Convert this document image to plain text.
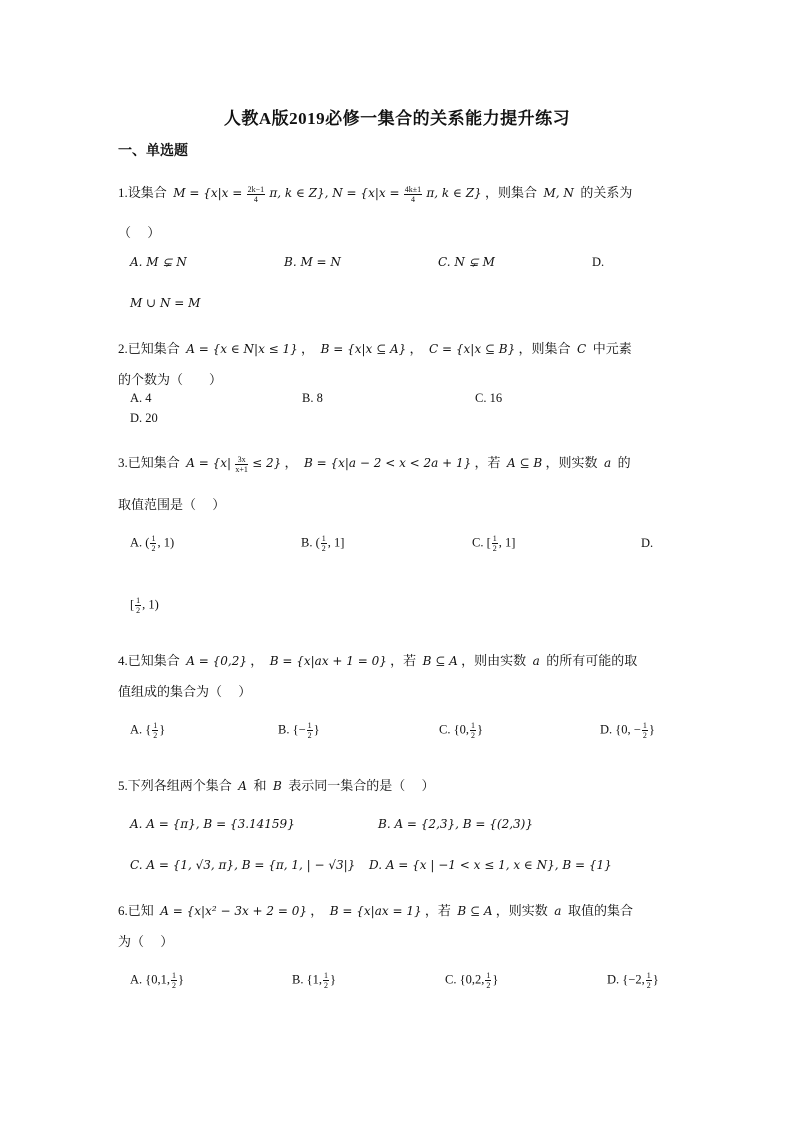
人教A版2019必修一集合的关系能力提升练习
一、单选题
1.设集合 $M = \{x|x = \frac{2k-1}{4} \pi$, k ∈ Z}, $N = \{x|x = \frac{4k\pm 1}{4} \pi$, k ∈ Z} ，则集合 M, N 的关系为
（　 ）
A. M ⊊ N	B. M = N	C. N ⊊ M	D.
M ∪ N = M
2.已知集合 A = {x ∈ N|x ≤ 1} ，  B = {x|x ⊆ A} ，  C = {x|x ⊆ B} ，则集合 C 中元素
的个数为（　　）
A. 4	B. 8	C. 16
D. 20
3.已知集合 $A = \{x| \frac{3x}{x+1} \le 2\}$ ，  B = {x|a − 2 < x < 2a + 1} ，若 A ⊆ B ，则实数 a 的
取值范围是（　 ）
A. ( $\frac{1}{2}$ , 1)	B. ( $\frac{1}{2}$ , 1]	C. [ $\frac{1}{2}$ , 1]	D.
[ $\frac{1}{2}$ , 1)
4.已知集合 A = {0,2} ，  B = {x|ax + 1 = 0} ，若 B ⊆ A ，则由实数 a 的所有可能的取
值组成的集合为（　 ）
A. { $\frac{1}{2}$ }	B. {− $\frac{1}{2}$ }	C. {0, $\frac{1}{2}$ }	D. {0, − $\frac{1}{2}$ }
5.下列各组两个集合 A 和 B 表示同一集合的是（　 ）
A. A = {π}, B = {3.14159}	B. A = {2,3}, B = {(2,3)}
C. A = {1, √3, π}, B = {π, 1, | − √3|} D. A = {x | −1 < x ≤ 1, x ∈ N}, B = {1}
6.已知 A = {x|x² − 3x + 2 = 0} ，  B = {x|ax = 1} ，若 B ⊆ A ，则实数 a 取值的集合
为（　 ）
A. {0,1, $\frac{1}{2}$ }	B. {1, $\frac{1}{2}$ }	C. {0,2, $\frac{1}{2}$ }	D. {−2, $\frac{1}{2}$ }
